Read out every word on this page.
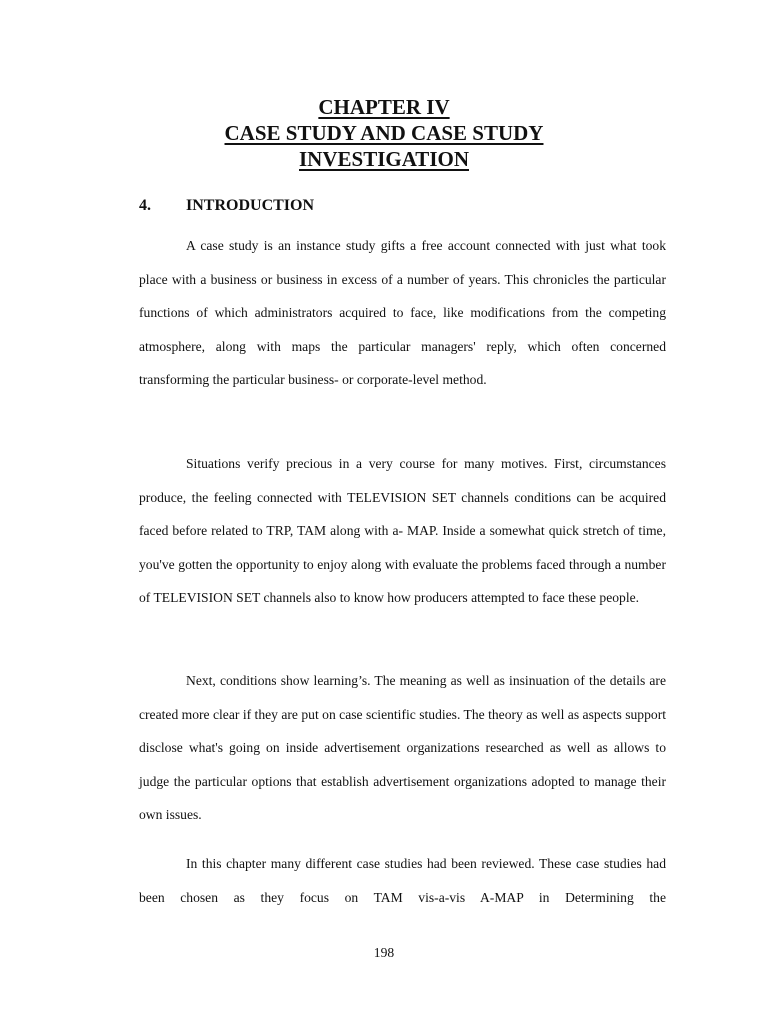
CHAPTER IV
CASE STUDY AND CASE STUDY
INVESTIGATION
4. INTRODUCTION

A case study is an instance study gifts a free account connected with just what took place with a business or business in excess of a number of years. This chronicles the particular functions of which administrators acquired to face, like modifications from the competing atmosphere, along with maps the particular managers' reply, which often concerned transforming the particular business- or corporate-level method.

Situations verify precious in a very course for many motives. First, circumstances produce, the feeling connected with TELEVISION SET channels conditions can be acquired faced before related to TRP, TAM along with a- MAP. Inside a somewhat quick stretch of time, you've gotten the opportunity to enjoy along with evaluate the problems faced through a number of TELEVISION SET channels also to know how producers attempted to face these people.

Next, conditions show learning’s. The meaning as well as insinuation of the details are created more clear if they are put on case scientific studies. The theory as well as aspects support disclose what's going on inside advertisement organizations researched as well as allows to judge the particular options that establish advertisement organizations adopted to manage their own issues.

In this chapter many different case studies had been reviewed. These case studies had been chosen as they focus on TAM vis-a-vis A-MAP in Determining the

198
